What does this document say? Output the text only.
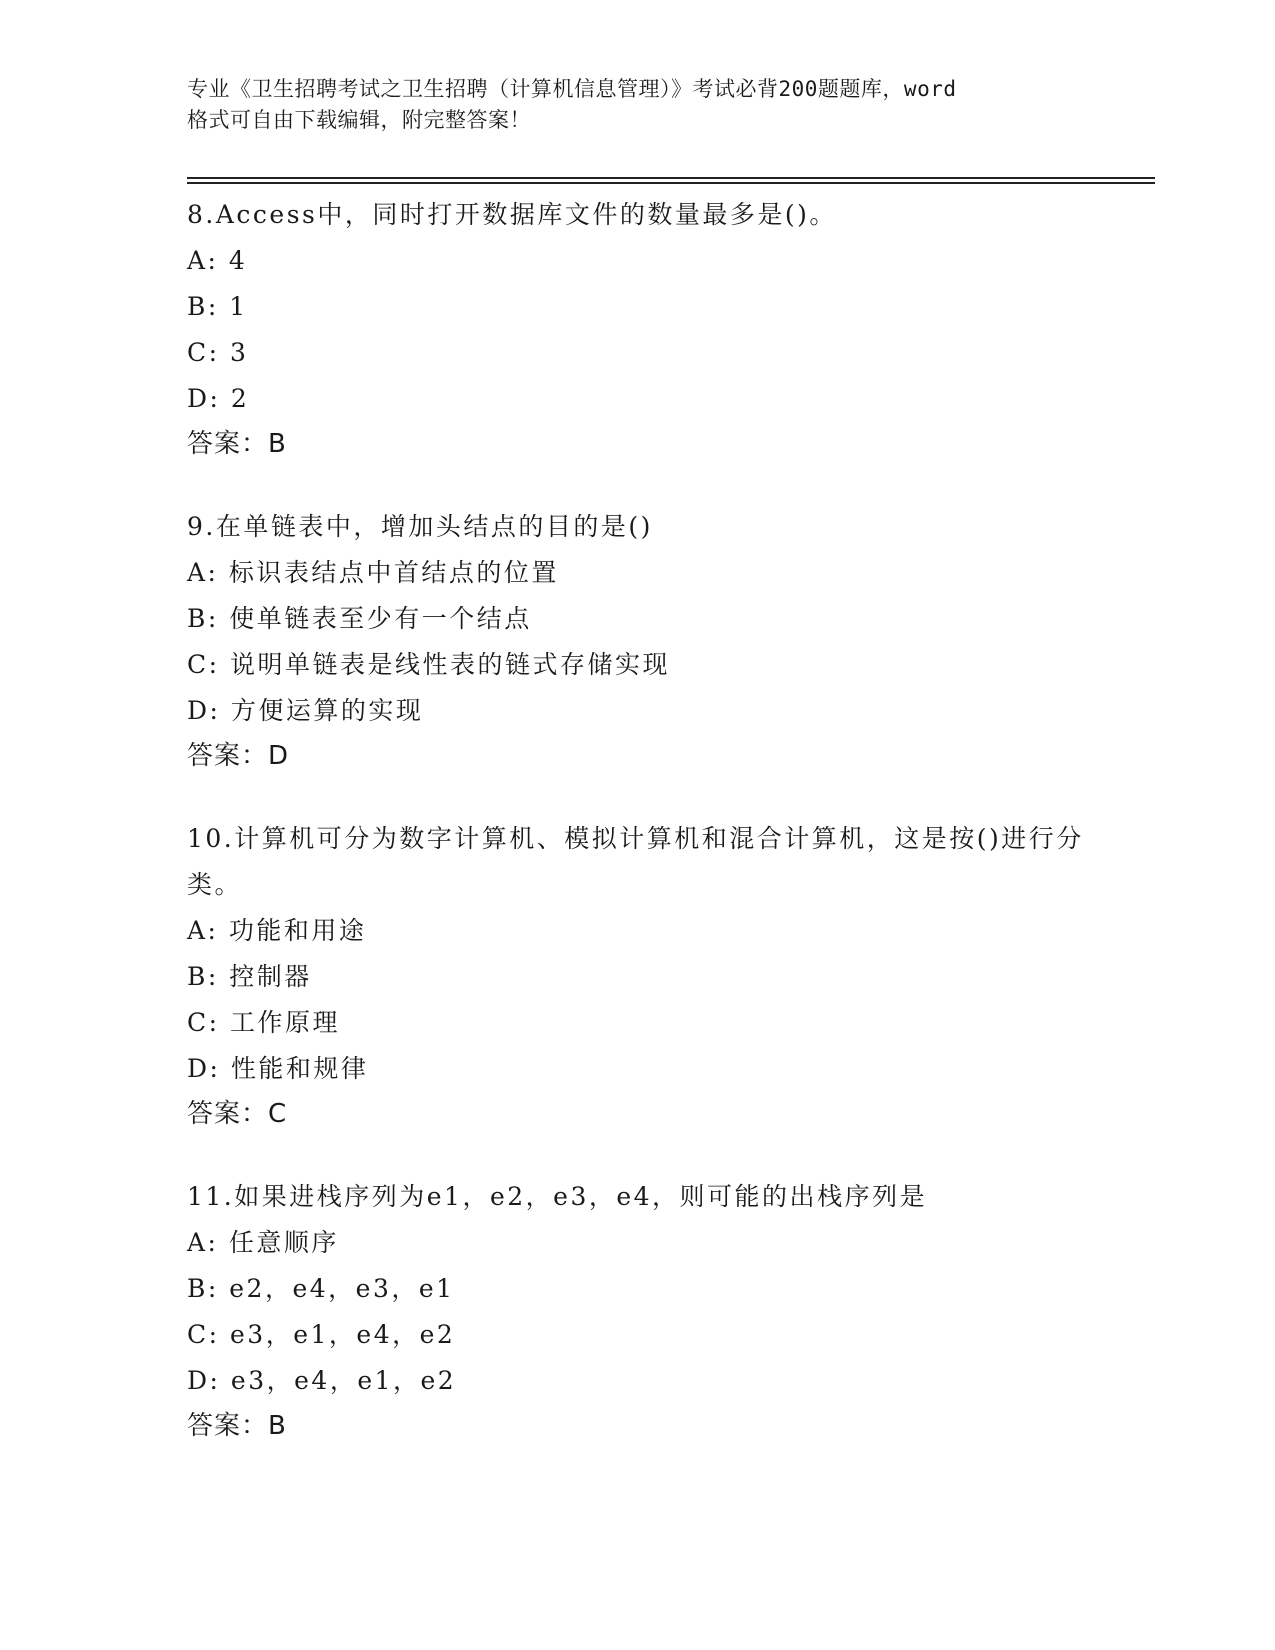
专业《卫生招聘考试之卫生招聘（计算机信息管理）》考试必背200题题库，word
格式可自由下载编辑，附完整答案！
8.Access中，同时打开数据库文件的数量最多是()。
A: 4
B: 1
C: 3
D: 2
答案：B
9.在单链表中，增加头结点的目的是()
A: 标识表结点中首结点的位置
B: 使单链表至少有一个结点
C: 说明单链表是线性表的链式存储实现
D: 方便运算的实现
答案：D
10.计算机可分为数字计算机、模拟计算机和混合计算机，这是按()进行分类。
A: 功能和用途
B: 控制器
C: 工作原理
D: 性能和规律
答案：C
11.如果进栈序列为e1，e2，e3，e4，则可能的出栈序列是
A: 任意顺序
B: e2，e4，e3，e1
C: e3，e1，e4，e2
D: e3，e4，e1，e2
答案：B
